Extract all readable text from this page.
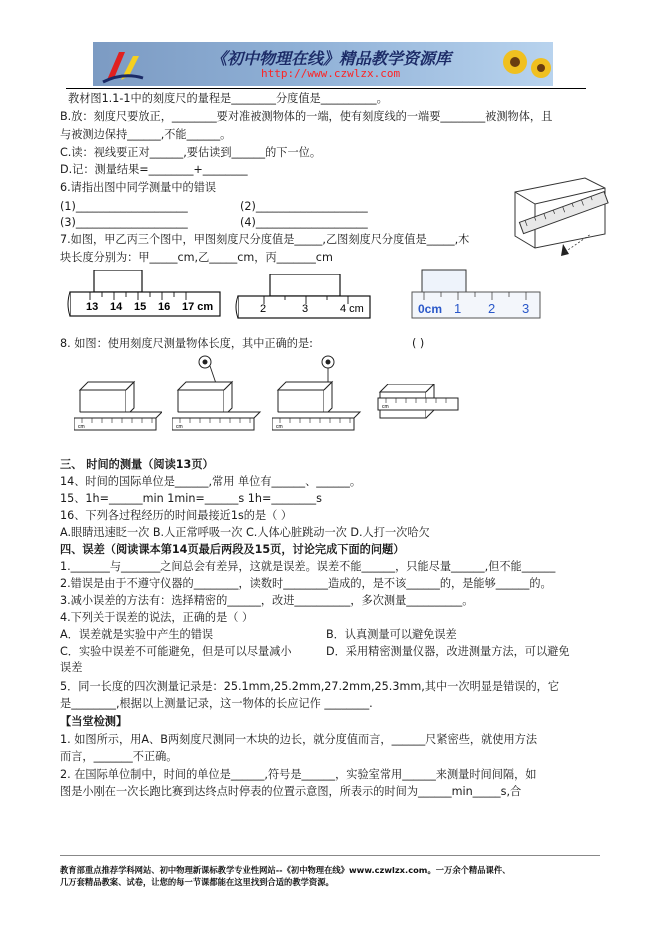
《初中物理在线》精品教学资源库
http://www.czwlzx.com
教材图1.1-1中的刻度尺的量程是________分度值是__________。
B.放：刻度尺要放正，________要对准被测物体的一端，使有刻度线的一端要________被测物体，且
与被测边保持______,不能______。
C.读：视线要正对______,要估读到______的下一位。
D.记：测量结果=________+________
6.请指出图中同学测量中的错误
(1)____________________	(2)____________________
(3)____________________	(4)____________________
7.如图，甲乙丙三个图中，甲图刻度尺分度值是_____,乙图刻度尺分度值是_____,木
块长度分别为：甲_____cm,乙_____cm，丙_______cm
13 14 15 16 17 cm	2	3	4 cm	0cm 1 2 3
8. 如图：使用刻度尺测量物体长度，其中正确的是:	( )
cm	cm	cm
cm
三、 时间的测量（阅读13页）
14、时间的国际单位是______,常用 单位有______、______。
15、1h=______min 1min=______s 1h=________s
16、下列各过程经历的时间最接近1s的是（ ）
A.眼睛迅速眨一次 B.人正常呼吸一次 C.人体心脏跳动一次 D.人打一次哈欠
四、误差（阅读课本第14页最后两段及15页，讨论完成下面的问题）
1._______与_______之间总会有差异，这就是误差。误差不能______，只能尽量______,但不能______
2.错误是由于不遵守仪器的________，读数时________造成的，是不该______的，是能够______的。
3.减小误差的方法有：选择精密的______，改进__________，多次测量__________。
4.下列关于误差的说法，正确的是（ ）
A．误差就是实验中产生的错误	B．认真测量可以避免误差
C．实验中误差不可能避免，但是可以尽量减小	D．采用精密测量仪器，改进测量方法，可以避免
误差
5．同一长度的四次测量记录是：25.1mm,25.2mm,27.2mm,25.3mm,其中一次明显是错误的，它
是________,根据以上测量记录，这一物体的长应记作 ________.
【当堂检测】
1. 如图所示，用A、B两刻度尺测同一木块的边长，就分度值而言，______尺紧密些，就使用方法
而言，_______不正确。
2. 在国际单位制中，时间的单位是______,符号是______，实验室常用______来测量时间间隔，如
图是小刚在一次长跑比赛到达终点时停表的位置示意图，所表示的时间为______min_____s,合
教育部重点推荐学科网站、初中物理新课标教学专业性网站--《初中物理在线》www.czwlzx.com。一万余个精品课件、
几万套精品教案、试卷，让您的每一节课都能在这里找到合适的教学资源。
